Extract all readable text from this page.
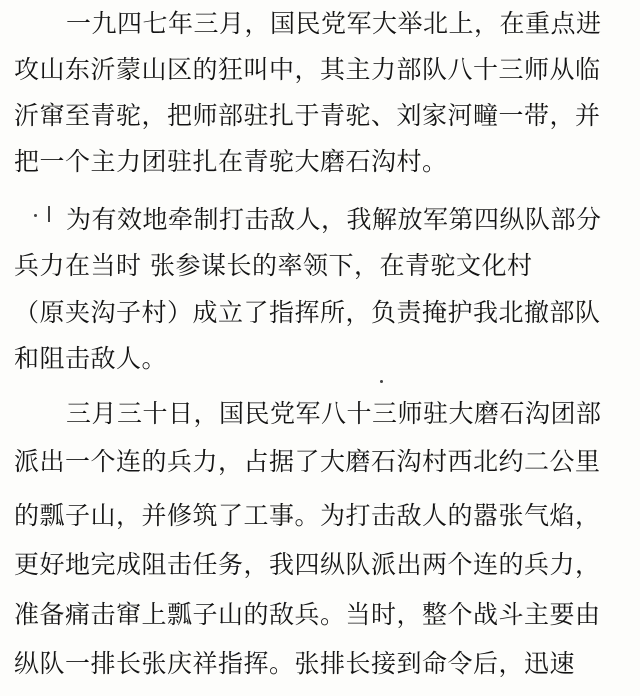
一九四七年三月，国民党军大举北上，在重点进
攻山东沂蒙山区的狂叫中，其主力部队八十三师从临
沂窜至青驼，把师部驻扎于青驼、刘家河疃一带，并
把一个主力团驻扎在青驼大磨石沟村。
为有效地牵制打击敌人，我解放军第四纵队部分
兵力在当时 张参谋长的率领下，在青驼文化村
（原夹沟子村）成立了指挥所，负责掩护我北撤部队
和阻击敌人。
三月三十日，国民党军八十三师驻大磨石沟团部
派出一个连的兵力，占据了大磨石沟村西北约二公里
的瓢子山，并修筑了工事。为打击敌人的嚣张气焰，
更好地完成阻击任务，我四纵队派出两个连的兵力，
准备痛击窜上瓢子山的敌兵。当时，整个战斗主要由
纵队一排长张庆祥指挥。张排长接到命令后，迅速
